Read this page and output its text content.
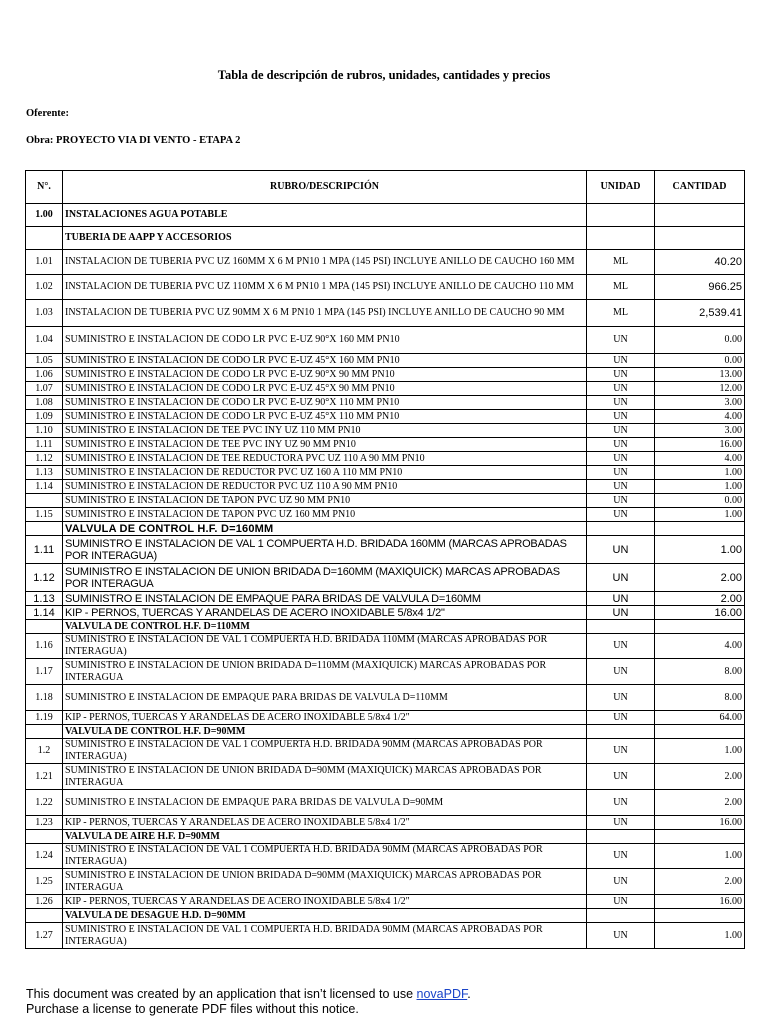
Tabla de descripción de rubros, unidades, cantidades y precios
Oferente:
Obra: PROYECTO VIA DI VENTO - ETAPA 2
N°.	RUBRO/DESCRIPCIÓN	UNIDAD	CANTIDAD
1.00	INSTALACIONES AGUA POTABLE		
	TUBERIA DE AAPP Y ACCESORIOS		
1.01	INSTALACION DE TUBERIA PVC UZ 160MM X 6 M PN10 1 MPA (145 PSI) INCLUYE ANILLO DE CAUCHO 160 MM	ML	40.20
1.02	INSTALACION DE TUBERIA PVC UZ 110MM X 6 M PN10 1 MPA (145 PSI) INCLUYE ANILLO DE CAUCHO 110 MM	ML	966.25
1.03	INSTALACION DE TUBERIA PVC UZ 90MM X 6 M PN10 1 MPA (145 PSI) INCLUYE ANILLO DE CAUCHO 90 MM	ML	2,539.41
1.04	SUMINISTRO E INSTALACION DE CODO LR PVC E-UZ 90°X 160 MM PN10	UN	0.00
1.05	SUMINISTRO E INSTALACION DE CODO LR PVC E-UZ 45°X 160 MM PN10	UN	0.00
1.06	SUMINISTRO E INSTALACION DE CODO LR PVC E-UZ 90°X 90 MM PN10	UN	13.00
1.07	SUMINISTRO E INSTALACION DE CODO LR PVC E-UZ 45°X 90 MM PN10	UN	12.00
1.08	SUMINISTRO E INSTALACION DE CODO LR PVC E-UZ 90°X 110 MM PN10	UN	3.00
1.09	SUMINISTRO E INSTALACION DE CODO LR PVC E-UZ 45°X 110 MM PN10	UN	4.00
1.10	SUMINISTRO E INSTALACION DE TEE PVC INY UZ 110 MM PN10	UN	3.00
1.11	SUMINISTRO E INSTALACION DE TEE PVC INY UZ 90 MM PN10	UN	16.00
1.12	SUMINISTRO E INSTALACION DE TEE REDUCTORA PVC UZ 110 A 90 MM PN10	UN	4.00
1.13	SUMINISTRO E INSTALACION DE REDUCTOR PVC UZ 160 A 110 MM PN10	UN	1.00
1.14	SUMINISTRO E INSTALACION DE REDUCTOR PVC UZ 110 A 90 MM PN10	UN	1.00
	SUMINISTRO E INSTALACION DE TAPON PVC UZ 90 MM PN10	UN	0.00
1.15	SUMINISTRO E INSTALACION DE TAPON PVC UZ 160 MM PN10	UN	1.00
	VALVULA DE CONTROL H.F. D=160MM		
1.11	SUMINISTRO E INSTALACION DE VAL 1 COMPUERTA H.D. BRIDADA 160MM (MARCAS APROBADAS POR INTERAGUA)	UN	1.00
1.12	SUMINISTRO E INSTALACION DE UNION BRIDADA D=160MM (MAXIQUICK) MARCAS APROBADAS POR INTERAGUA	UN	2.00
1.13	SUMINISTRO E INSTALACION DE EMPAQUE PARA BRIDAS DE VALVULA D=160MM	UN	2.00
1.14	KIP - PERNOS, TUERCAS Y ARANDELAS DE ACERO INOXIDABLE 5/8x4 1/2"	UN	16.00
	VALVULA DE CONTROL H.F. D=110MM		
1.16	SUMINISTRO E INSTALACION DE VAL 1 COMPUERTA H.D. BRIDADA 110MM (MARCAS APROBADAS POR INTERAGUA)	UN	4.00
1.17	SUMINISTRO E INSTALACION DE UNION BRIDADA D=110MM (MAXIQUICK) MARCAS APROBADAS POR INTERAGUA	UN	8.00
1.18	SUMINISTRO E INSTALACION DE EMPAQUE PARA BRIDAS DE VALVULA D=110MM	UN	8.00
1.19	KIP - PERNOS, TUERCAS Y ARANDELAS DE ACERO INOXIDABLE 5/8x4 1/2"	UN	64.00
	VALVULA DE CONTROL H.F. D=90MM		
1.2	SUMINISTRO E INSTALACION DE VAL 1 COMPUERTA H.D. BRIDADA 90MM (MARCAS APROBADAS POR INTERAGUA)	UN	1.00
1.21	SUMINISTRO E INSTALACION DE UNION BRIDADA D=90MM (MAXIQUICK) MARCAS APROBADAS POR INTERAGUA	UN	2.00
1.22	SUMINISTRO E INSTALACION DE EMPAQUE PARA BRIDAS DE VALVULA D=90MM	UN	2.00
1.23	KIP - PERNOS, TUERCAS Y ARANDELAS DE ACERO INOXIDABLE 5/8x4 1/2"	UN	16.00
	VALVULA DE AIRE H.F. D=90MM		
1.24	SUMINISTRO E INSTALACION DE VAL 1 COMPUERTA H.D. BRIDADA 90MM (MARCAS APROBADAS POR INTERAGUA)	UN	1.00
1.25	SUMINISTRO E INSTALACION DE UNION BRIDADA D=90MM (MAXIQUICK) MARCAS APROBADAS POR INTERAGUA	UN	2.00
1.26	KIP - PERNOS, TUERCAS Y ARANDELAS DE ACERO INOXIDABLE 5/8x4 1/2"	UN	16.00
	VALVULA DE DESAGUE H.D. D=90MM		
1.27	SUMINISTRO E INSTALACION DE VAL 1 COMPUERTA H.D. BRIDADA 90MM (MARCAS APROBADAS POR INTERAGUA)	UN	1.00
This document was created by an application that isn’t licensed to use novaPDF.
Purchase a license to generate PDF files without this notice.
